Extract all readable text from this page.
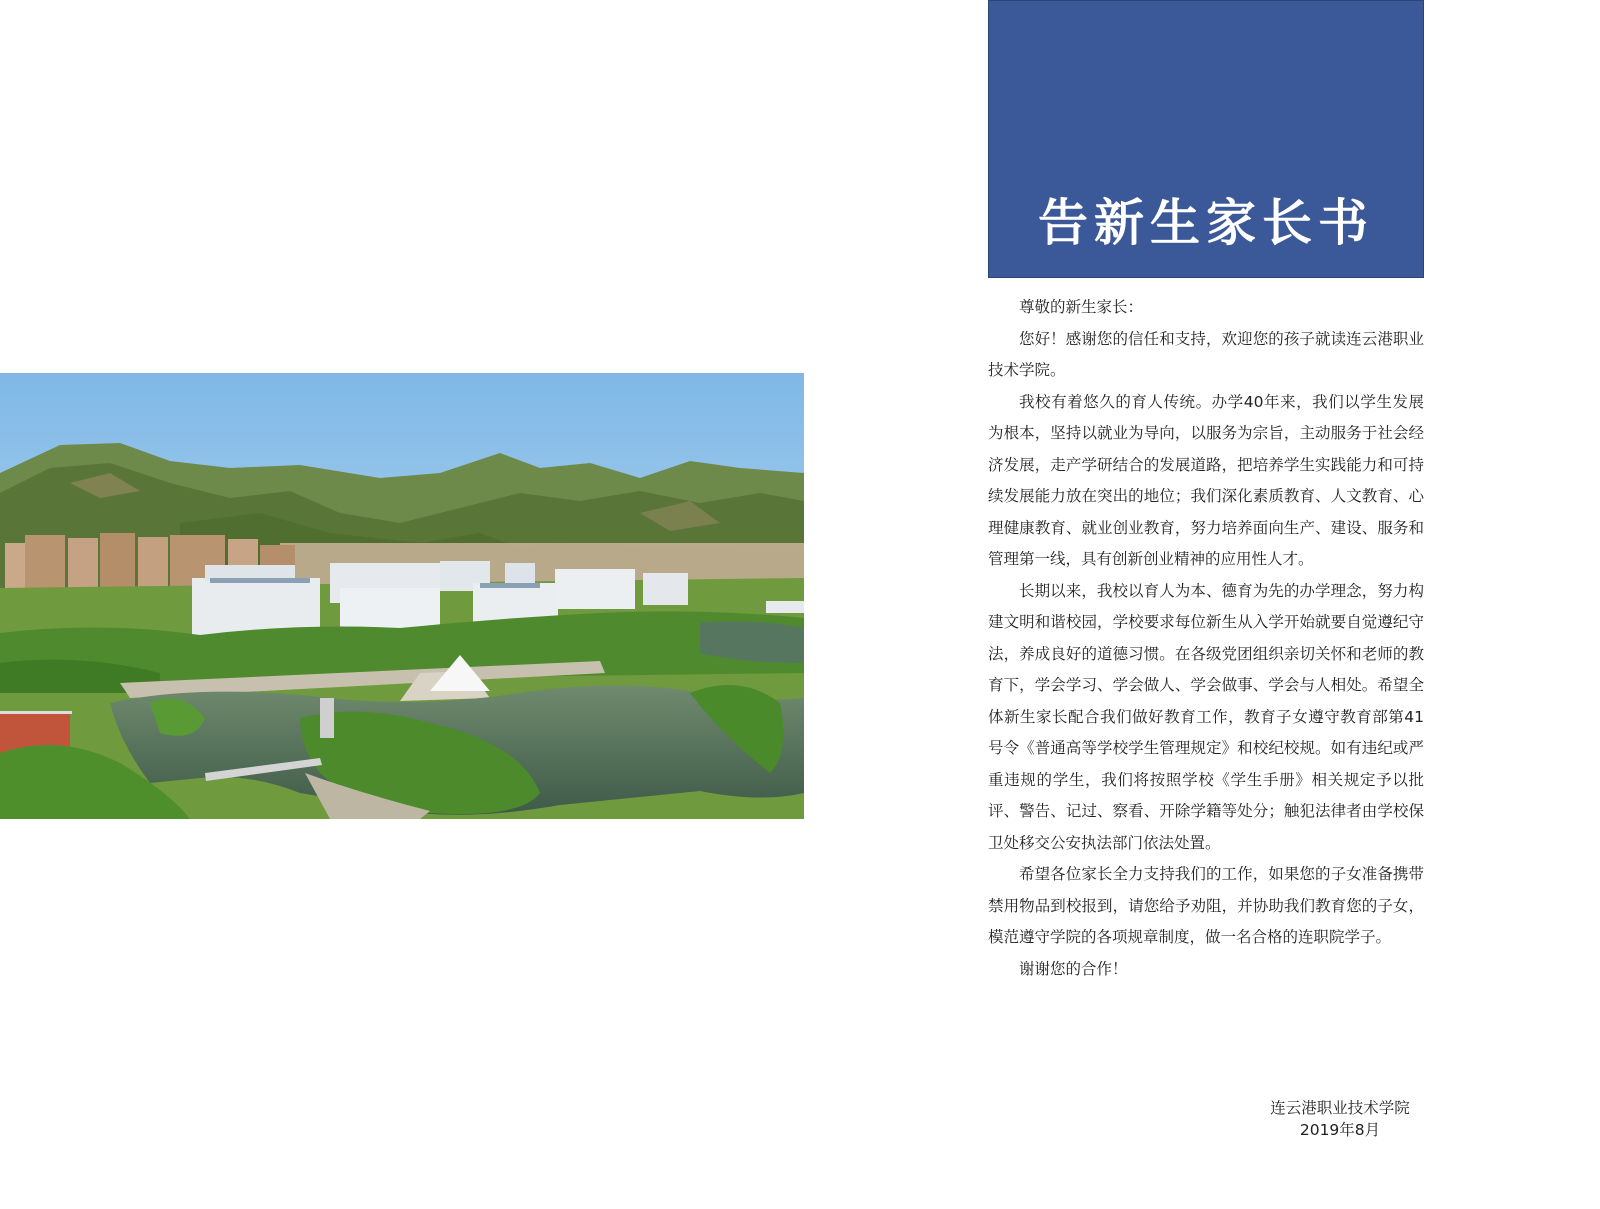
告新生家长书

尊敬的新生家长：

您好！感谢您的信任和支持，欢迎您的孩子就读连云港职业技术学院。

我校有着悠久的育人传统。办学40年来，我们以学生发展为根本，坚持以就业为导向，以服务为宗旨，主动服务于社会经济发展，走产学研结合的发展道路，把培养学生实践能力和可持续发展能力放在突出的地位；我们深化素质教育、人文教育、心理健康教育、就业创业教育，努力培养面向生产、建设、服务和管理第一线，具有创新创业精神的应用性人才。

长期以来，我校以育人为本、德育为先的办学理念，努力构建文明和谐校园，学校要求每位新生从入学开始就要自觉遵纪守法，养成良好的道德习惯。在各级党团组织亲切关怀和老师的教育下，学会学习、学会做人、学会做事、学会与人相处。希望全体新生家长配合我们做好教育工作，教育子女遵守教育部第41号令《普通高等学校学生管理规定》和校纪校规。如有违纪或严重违规的学生，我们将按照学校《学生手册》相关规定予以批评、警告、记过、察看、开除学籍等处分；触犯法律者由学校保卫处移交公安执法部门依法处置。

希望各位家长全力支持我们的工作，如果您的子女准备携带禁用物品到校报到，请您给予劝阻，并协助我们教育您的子女，模范遵守学院的各项规章制度，做一名合格的连职院学子。

谢谢您的合作！

连云港职业技术学院
2019年8月
